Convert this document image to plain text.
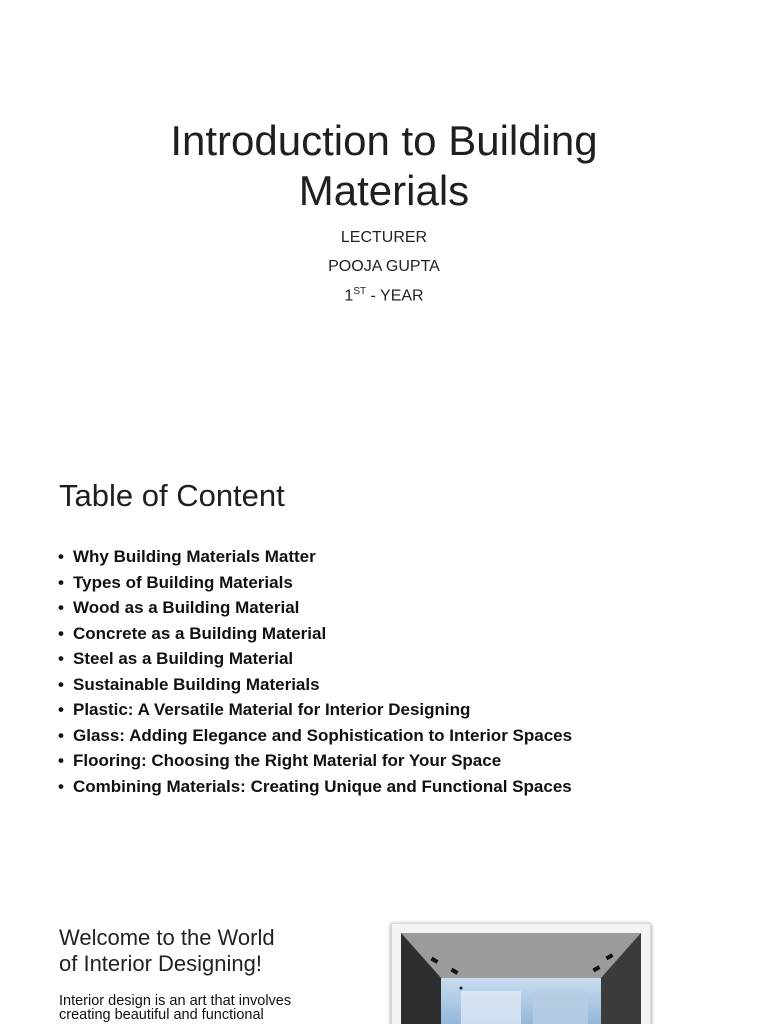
Introduction to Building
Materials
LECTURER
POOJA GUPTA
1ST - YEAR
Table of Content
• Why Building Materials Matter
• Types of Building Materials
• Wood as a Building Material
• Concrete as a Building Material
• Steel as a Building Material
• Sustainable Building Materials
• Plastic: A Versatile Material for Interior Designing
• Glass: Adding Elegance and Sophistication to Interior Spaces
• Flooring: Choosing the Right Material for Your Space
• Combining Materials: Creating Unique and Functional Spaces
Welcome to the World
of Interior Designing!
Interior design is an art that involves
creating beautiful and functional
